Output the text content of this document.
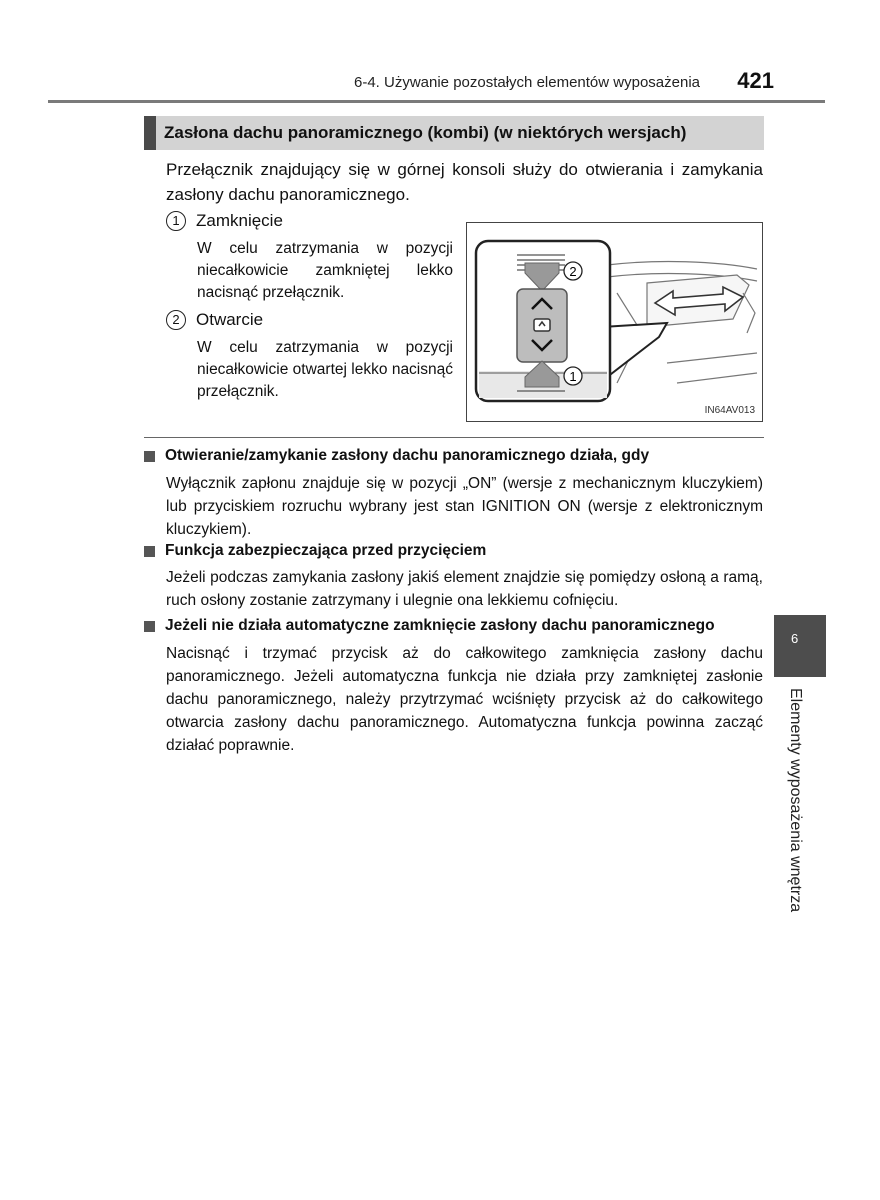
6-4. Używanie pozostałych elementów wyposażenia	421
Zasłona dachu panoramicznego (kombi) (w niektórych wersjach)
Przełącznik znajdujący się w górnej konsoli służy do otwierania i zamykania zasłony dachu panoramicznego.
1 Zamknięcie
W celu zatrzymania w pozycji niecałkowicie zamkniętej lekko nacisnąć przełącznik.
2 Otwarcie
W celu zatrzymania w pozycji niecałkowicie otwartej lekko nacisnąć przełącznik.
2
1
IN64AV013
Otwieranie/zamykanie zasłony dachu panoramicznego działa, gdy
Wyłącznik zapłonu znajduje się w pozycji „ON” (wersje z mechanicznym kluczykiem) lub przyciskiem rozruchu wybrany jest stan IGNITION ON (wersje z elektronicznym kluczykiem).
Funkcja zabezpieczająca przed przycięciem
Jeżeli podczas zamykania zasłony jakiś element znajdzie się pomiędzy osłoną a ramą, ruch osłony zostanie zatrzymany i ulegnie ona lekkiemu cofnięciu.
Jeżeli nie działa automatyczne zamknięcie zasłony dachu panoramicznego
Nacisnąć i trzymać przycisk aż do całkowitego zamknięcia zasłony dachu panoramicznego. Jeżeli automatyczna funkcja nie działa przy zamkniętej zasłonie dachu panoramicznego, należy przytrzymać wciśnięty przycisk aż do całkowitego otwarcia zasłony dachu panoramicznego. Automatyczna funkcja powinna zacząć działać poprawnie.
6
Elementy wyposażenia wnętrza
